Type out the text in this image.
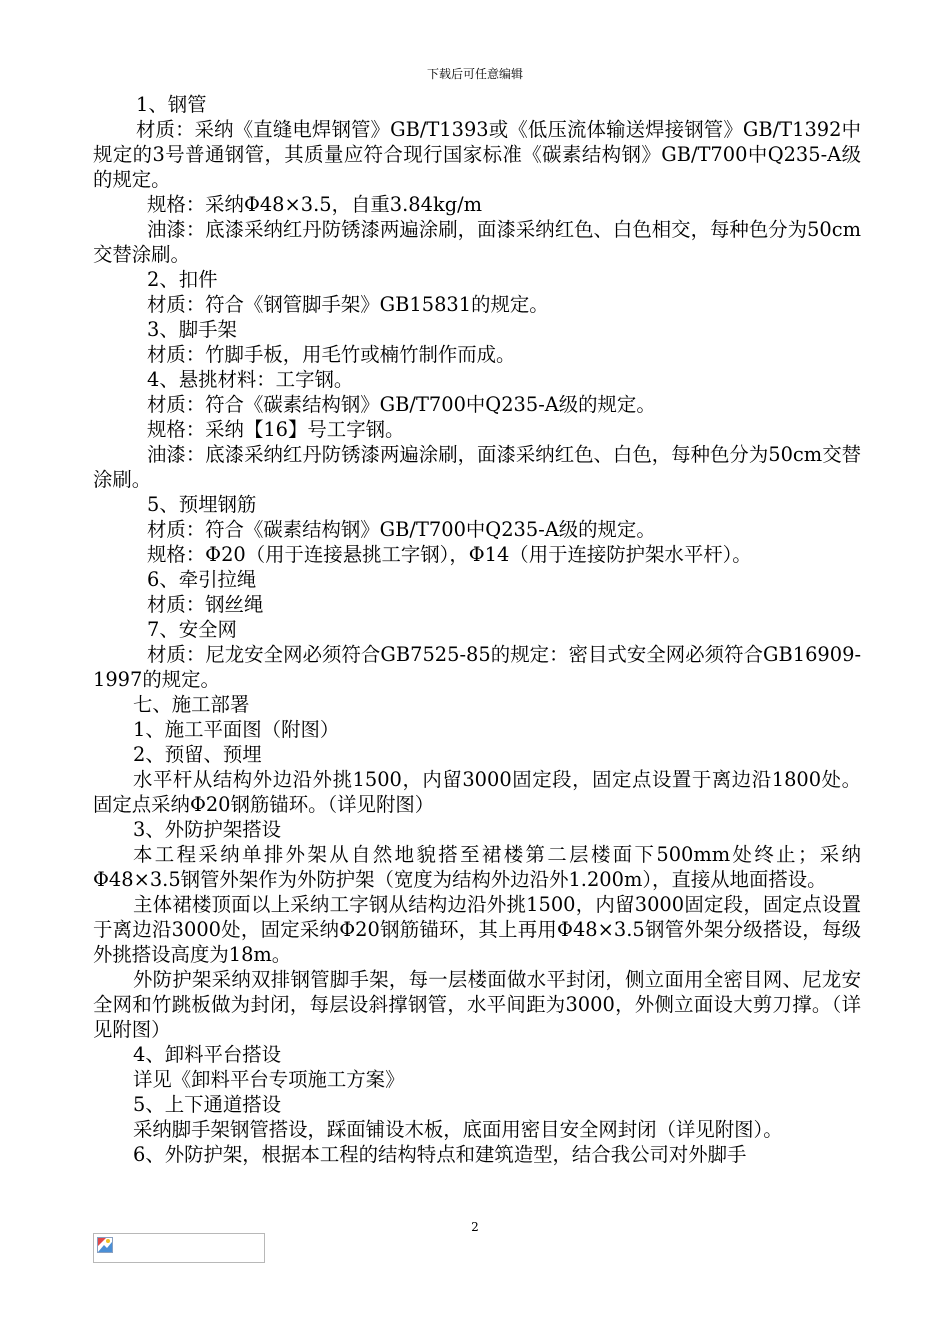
下载后可任意编辑

1、钢管

材质：采纳《直缝电焊钢管》GB/T1393或《低压流体输送焊接钢管》GB/T1392中规定的3号普通钢管，其质量应符合现行国家标准《碳素结构钢》GB/T700中Q235-A级的规定。

规格：采纳Φ48×3.5，自重3.84kg/m

油漆：底漆采纳红丹防锈漆两遍涂刷，面漆采纳红色、白色相交，每种色分为50cm交替涂刷。

2、扣件

材质：符合《钢管脚手架》GB15831的规定。

3、脚手架

材质：竹脚手板，用毛竹或楠竹制作而成。

4、悬挑材料：工字钢。

材质：符合《碳素结构钢》GB/T700中Q235-A级的规定。

规格：采纳【16】号工字钢。

油漆：底漆采纳红丹防锈漆两遍涂刷，面漆采纳红色、白色，每种色分为50cm交替涂刷。

5、预埋钢筋

材质：符合《碳素结构钢》GB/T700中Q235-A级的规定。

规格：Φ20（用于连接悬挑工字钢），Φ14（用于连接防护架水平杆）。

6、牵引拉绳

材质：钢丝绳

7、安全网

材质：尼龙安全网必须符合GB7525-85的规定：密目式安全网必须符合GB16909-1997的规定。

七、施工部署

1、施工平面图（附图）

2、预留、预埋

水平杆从结构外边沿外挑1500，内留3000固定段，固定点设置于离边沿1800处。固定点采纳Φ20钢筋锚环。（详见附图）

3、外防护架搭设

本工程采纳单排外架从自然地貌搭至裙楼第二层楼面下500mm处终止；采纳Φ48×3.5钢管外架作为外防护架（宽度为结构外边沿外1.200m），直接从地面搭设。

主体裙楼顶面以上采纳工字钢从结构边沿外挑1500，内留3000固定段，固定点设置于离边沿3000处，固定采纳Φ20钢筋锚环，其上再用Φ48×3.5钢管外架分级搭设，每级外挑搭设高度为18m。

外防护架采纳双排钢管脚手架，每一层楼面做水平封闭，侧立面用全密目网、尼龙安全网和竹跳板做为封闭，每层设斜撑钢管，水平间距为3000，外侧立面设大剪刀撑。（详见附图）

4、卸料平台搭设

详见《卸料平台专项施工方案》

5、上下通道搭设

采纳脚手架钢管搭设，踩面铺设木板，底面用密目安全网封闭（详见附图）。

6、外防护架，根据本工程的结构特点和建筑造型，结合我公司对外脚手

2
